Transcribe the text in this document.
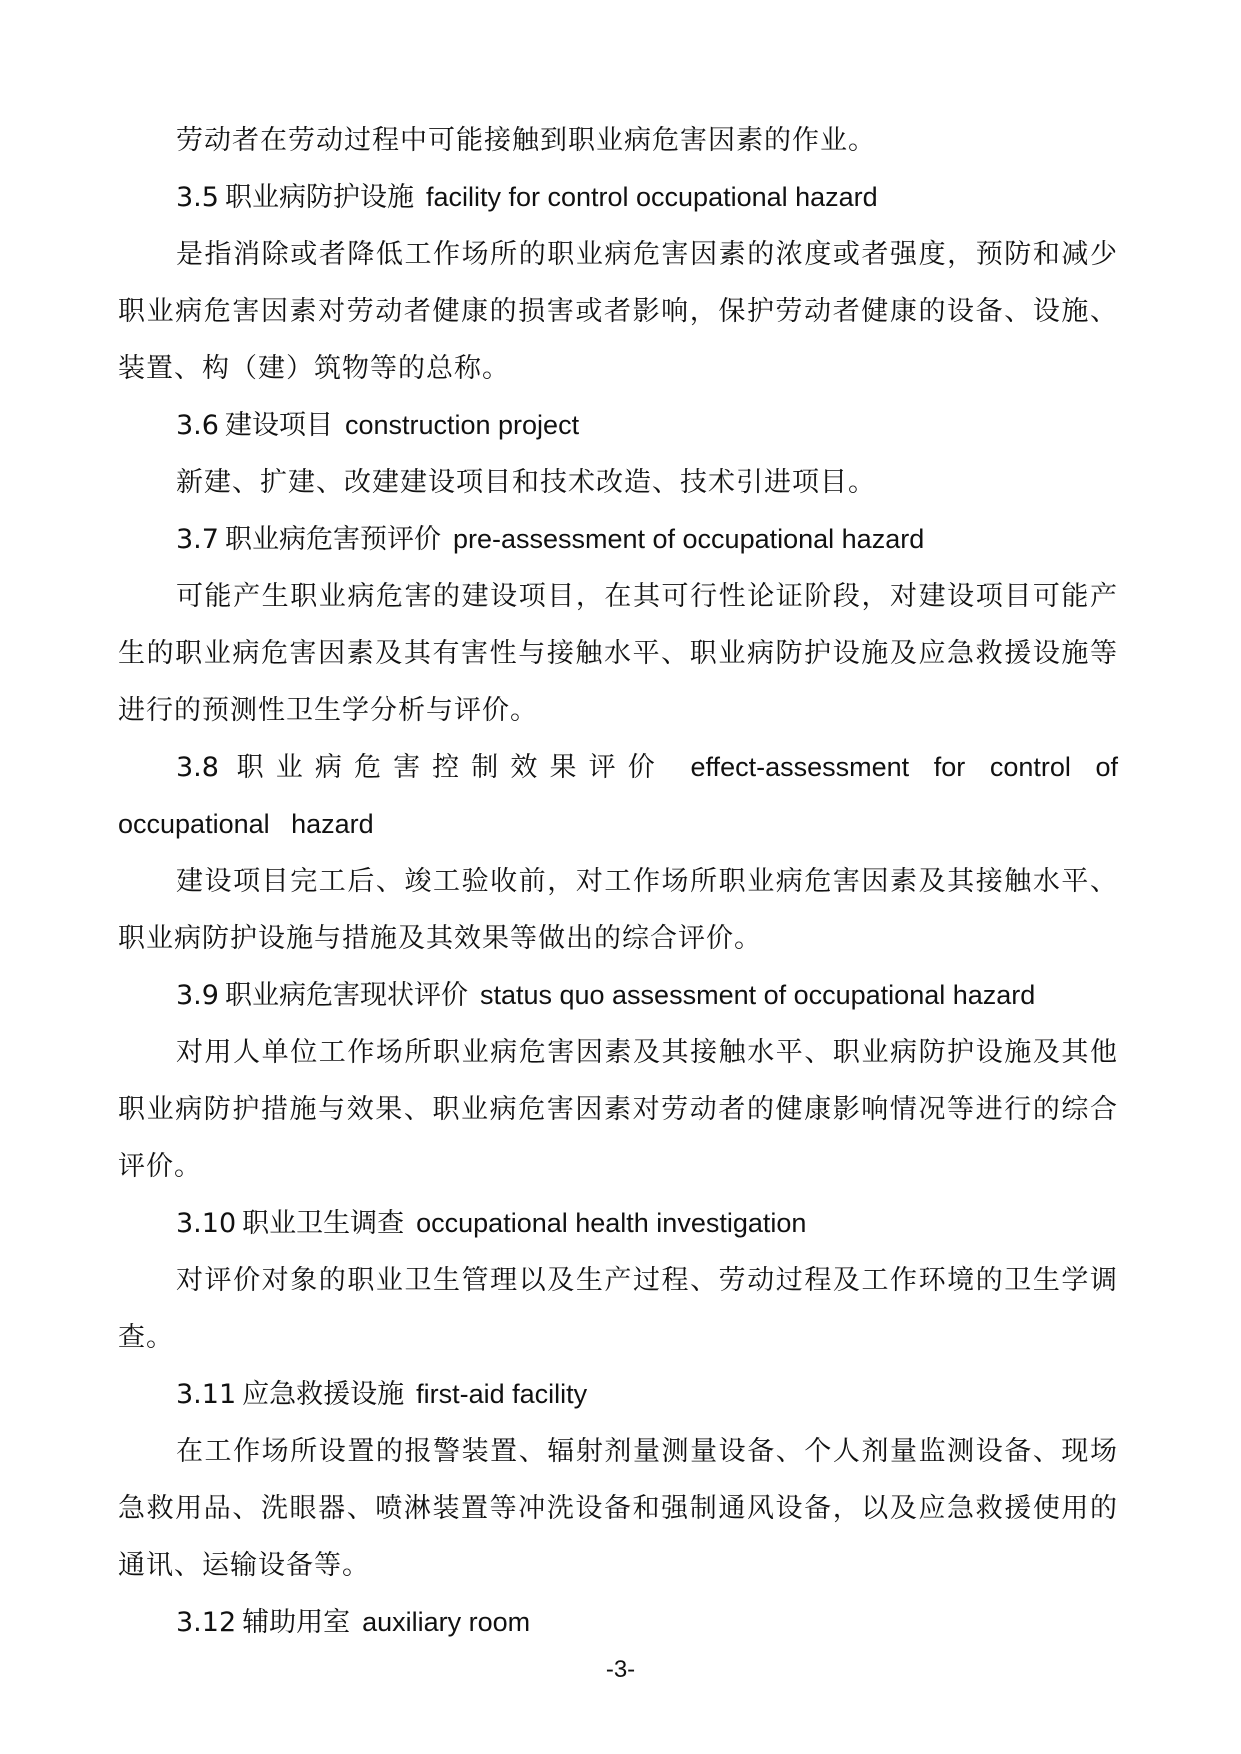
劳动者在劳动过程中可能接触到职业病危害因素的作业。

3.5 职业病防护设施 facility for control occupational hazard

是指消除或者降低工作场所的职业病危害因素的浓度或者强度，预防和减少职业病危害因素对劳动者健康的损害或者影响，保护劳动者健康的设备、设施、装置、构（建）筑物等的总称。

3.6 建设项目 construction project

新建、扩建、改建建设项目和技术改造、技术引进项目。

3.7 职业病危害预评价 pre-assessment of occupational hazard

可能产生职业病危害的建设项目，在其可行性论证阶段，对建设项目可能产生的职业病危害因素及其有害性与接触水平、职业病防护设施及应急救援设施等进行的预测性卫生学分析与评价。

3.8 职业病危害控制效果评价 effect-assessment for control of occupational hazard

建设项目完工后、竣工验收前，对工作场所职业病危害因素及其接触水平、职业病防护设施与措施及其效果等做出的综合评价。

3.9 职业病危害现状评价 status quo assessment of occupational hazard

对用人单位工作场所职业病危害因素及其接触水平、职业病防护设施及其他职业病防护措施与效果、职业病危害因素对劳动者的健康影响情况等进行的综合评价。

3.10 职业卫生调查 occupational health investigation

对评价对象的职业卫生管理以及生产过程、劳动过程及工作环境的卫生学调查。

3.11 应急救援设施 first-aid facility

在工作场所设置的报警装置、辐射剂量测量设备、个人剂量监测设备、现场急救用品、洗眼器、喷淋装置等冲洗设备和强制通风设备，以及应急救援使用的通讯、运输设备等。

3.12 辅助用室 auxiliary room
-3-
